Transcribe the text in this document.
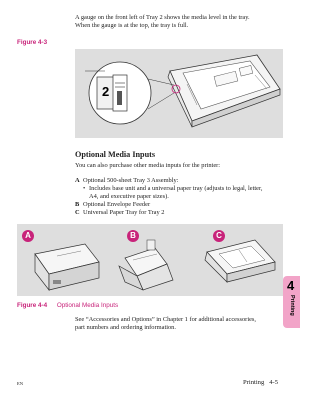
A gauge on the front left of Tray 2 shows the media level in the tray.
When the gauge is at the top, the tray is full.
Figure 4-3
2
Optional Media Inputs
You can also purchase other media inputs for the printer:
A Optional 500-sheet Tray 3 Assembly:
• Includes base unit and a universal paper tray (adjusts to legal, letter,
A4, and executive paper sizes).
B Optional Envelope Feeder
C Universal Paper Tray for Tray 2
A	B	C
Figure 4-4 Optional Media Inputs
See “Accessories and Options” in Chapter 1 for additional accessories,
part numbers and ordering information.
4
Printing
EN	Printing   4-5
